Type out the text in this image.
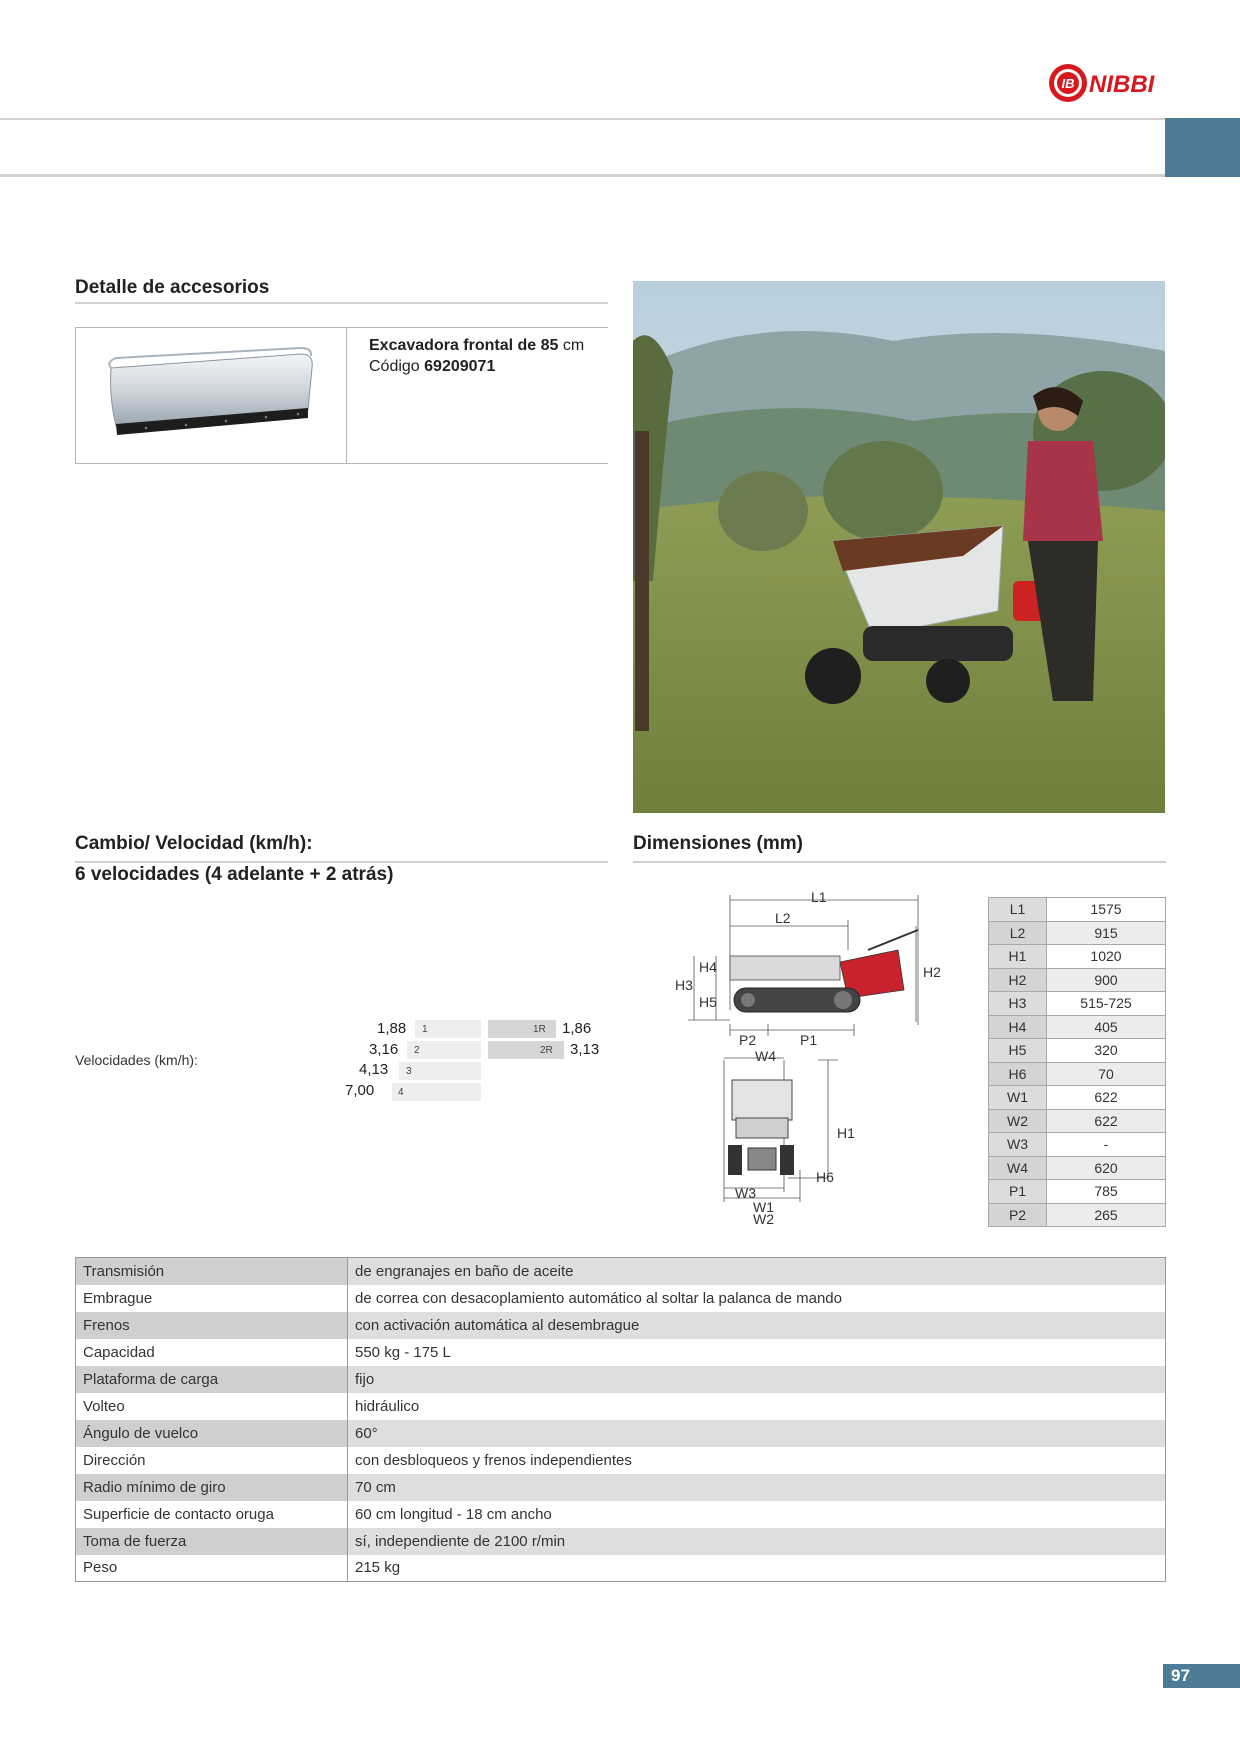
IB NIBBI
Detalle de accesorios
Excavadora frontal de 85 cm
Código 69209071
Cambio/ Velocidad (km/h):
6 velocidades (4 adelante + 2 atrás)
Velocidades (km/h):
1,88 1
3,16 2
4,13 3
7,00 4
1R 1,86
2R 3,13
Dimensiones (mm)
L1
L2
H4
H3
H5
H2
P2	P1
W4
H1
H6
W3
W1
W2
L1	1575
L2	915
H1	1020
H2	900
H3	515-725
H4	405
H5	320
H6	70
W1	622
W2	622
W3	-
W4	620
P1	785
P2	265
Transmisión	de engranajes en baño de aceite
Embrague	de correa con desacoplamiento automático al soltar la palanca de mando
Frenos	con activación automática al desembrague
Capacidad	550 kg - 175 L
Plataforma de carga	fijo
Volteo	hidráulico
Ángulo de vuelco	60°
Dirección	con desbloqueos y frenos independientes
Radio mínimo de giro	70 cm
Superficie de contacto oruga	60 cm longitud - 18 cm ancho
Toma de fuerza	sí, independiente de 2100 r/min
Peso	215 kg
97
